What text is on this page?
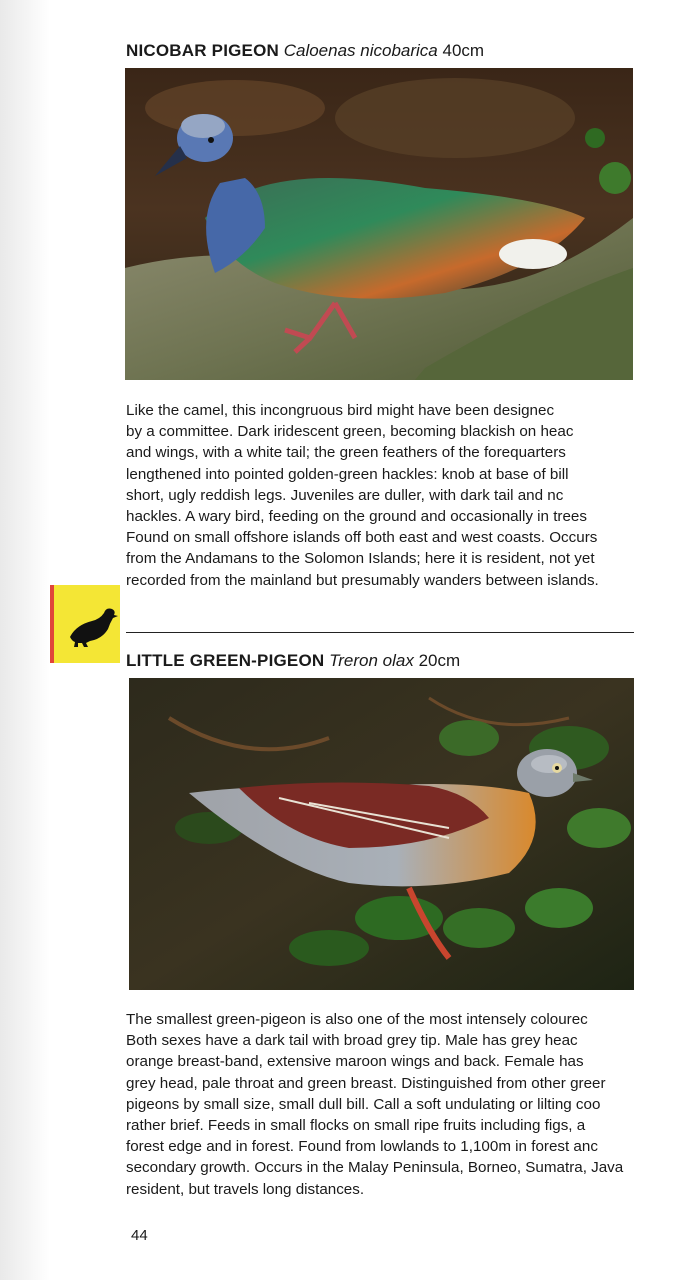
NICOBAR PIGEON Caloenas nicobarica 40cm
Like the camel, this incongruous bird might have been designec
by a committee. Dark iridescent green, becoming blackish on heac
and wings, with a white tail; the green feathers of the forequarters
lengthened into pointed golden-green hackles: knob at base of bill
short, ugly reddish legs. Juveniles are duller, with dark tail and nc
hackles. A wary bird, feeding on the ground and occasionally in trees
Found on small offshore islands off both east and west coasts. Occurs
from the Andamans to the Solomon Islands; here it is resident, not yet
recorded from the mainland but presumably wanders between islands.
LITTLE GREEN-PIGEON Treron olax 20cm
The smallest green-pigeon is also one of the most intensely colourec
Both sexes have a dark tail with broad grey tip. Male has grey heac
orange breast-band, extensive maroon wings and back. Female has
grey head, pale throat and green breast. Distinguished from other greer
pigeons by small size, small dull bill. Call a soft undulating or lilting coo
rather brief. Feeds in small flocks on small ripe fruits including figs, a
forest edge and in forest. Found from lowlands to 1,100m in forest anc
secondary growth. Occurs in the Malay Peninsula, Borneo, Sumatra, Java
resident, but travels long distances.
44
